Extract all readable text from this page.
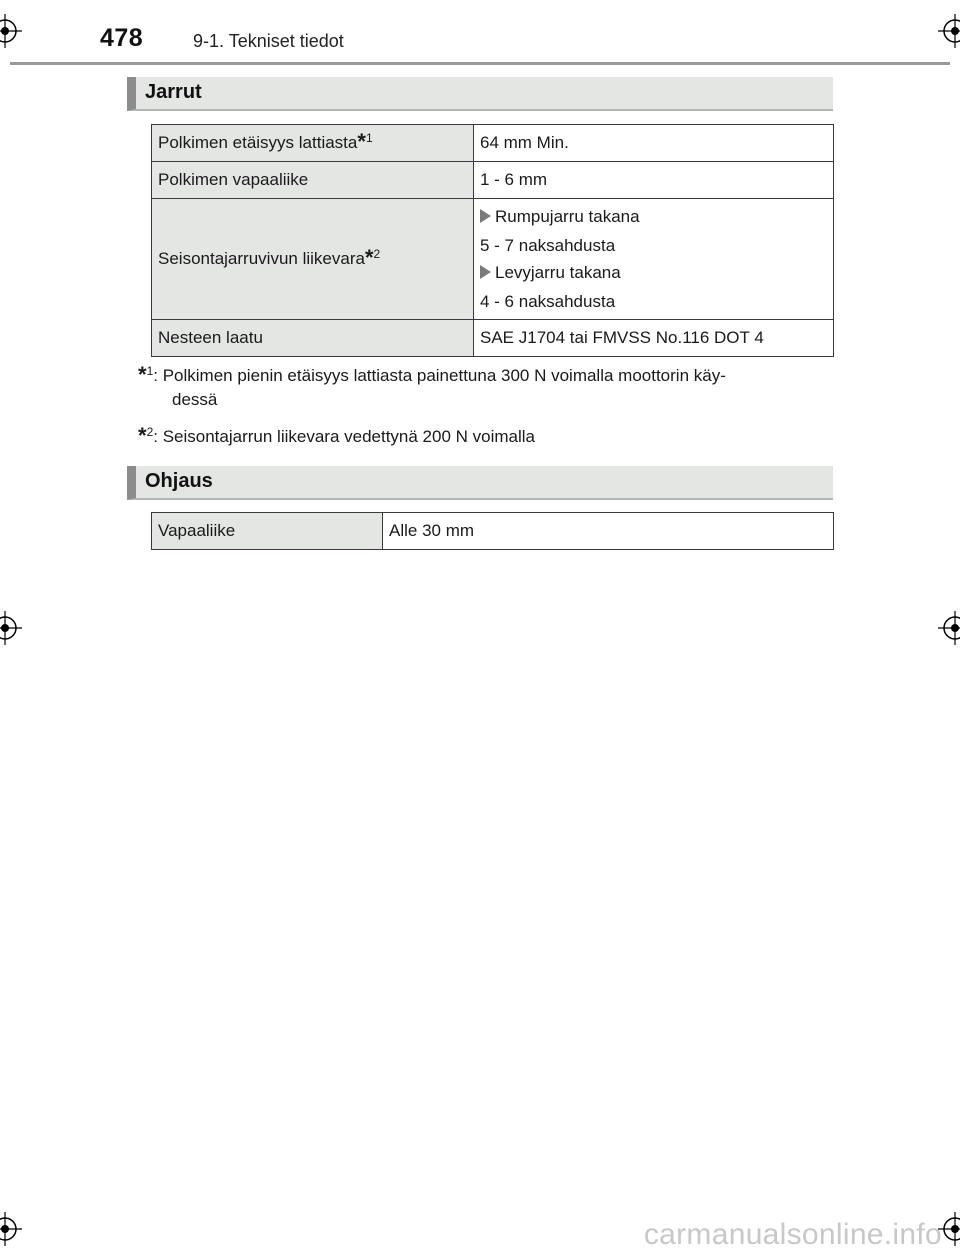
478	9-1. Tekniset tiedot
Jarrut
Polkimen etäisyys lattiasta*$^1$	64 mm Min.
Polkimen vapaaliike	1 - 6 mm
Seisontajarruvivun liikevara*$^2$	Rumpujarru takana
5 - 7 naksahdusta
Levyjarru takana
4 - 6 naksahdusta

Nesteen laatu	SAE J1704 tai FMVSS No.116 DOT 4
*$^1$: Polkimen pienin etäisyys lattiasta painettuna 300 N voimalla moottorin käy-
dessä
*$^2$: Seisontajarrun liikevara vedettynä 200 N voimalla
Ohjaus
Vapaaliike	Alle 30 mm
carmanualsonline.info
